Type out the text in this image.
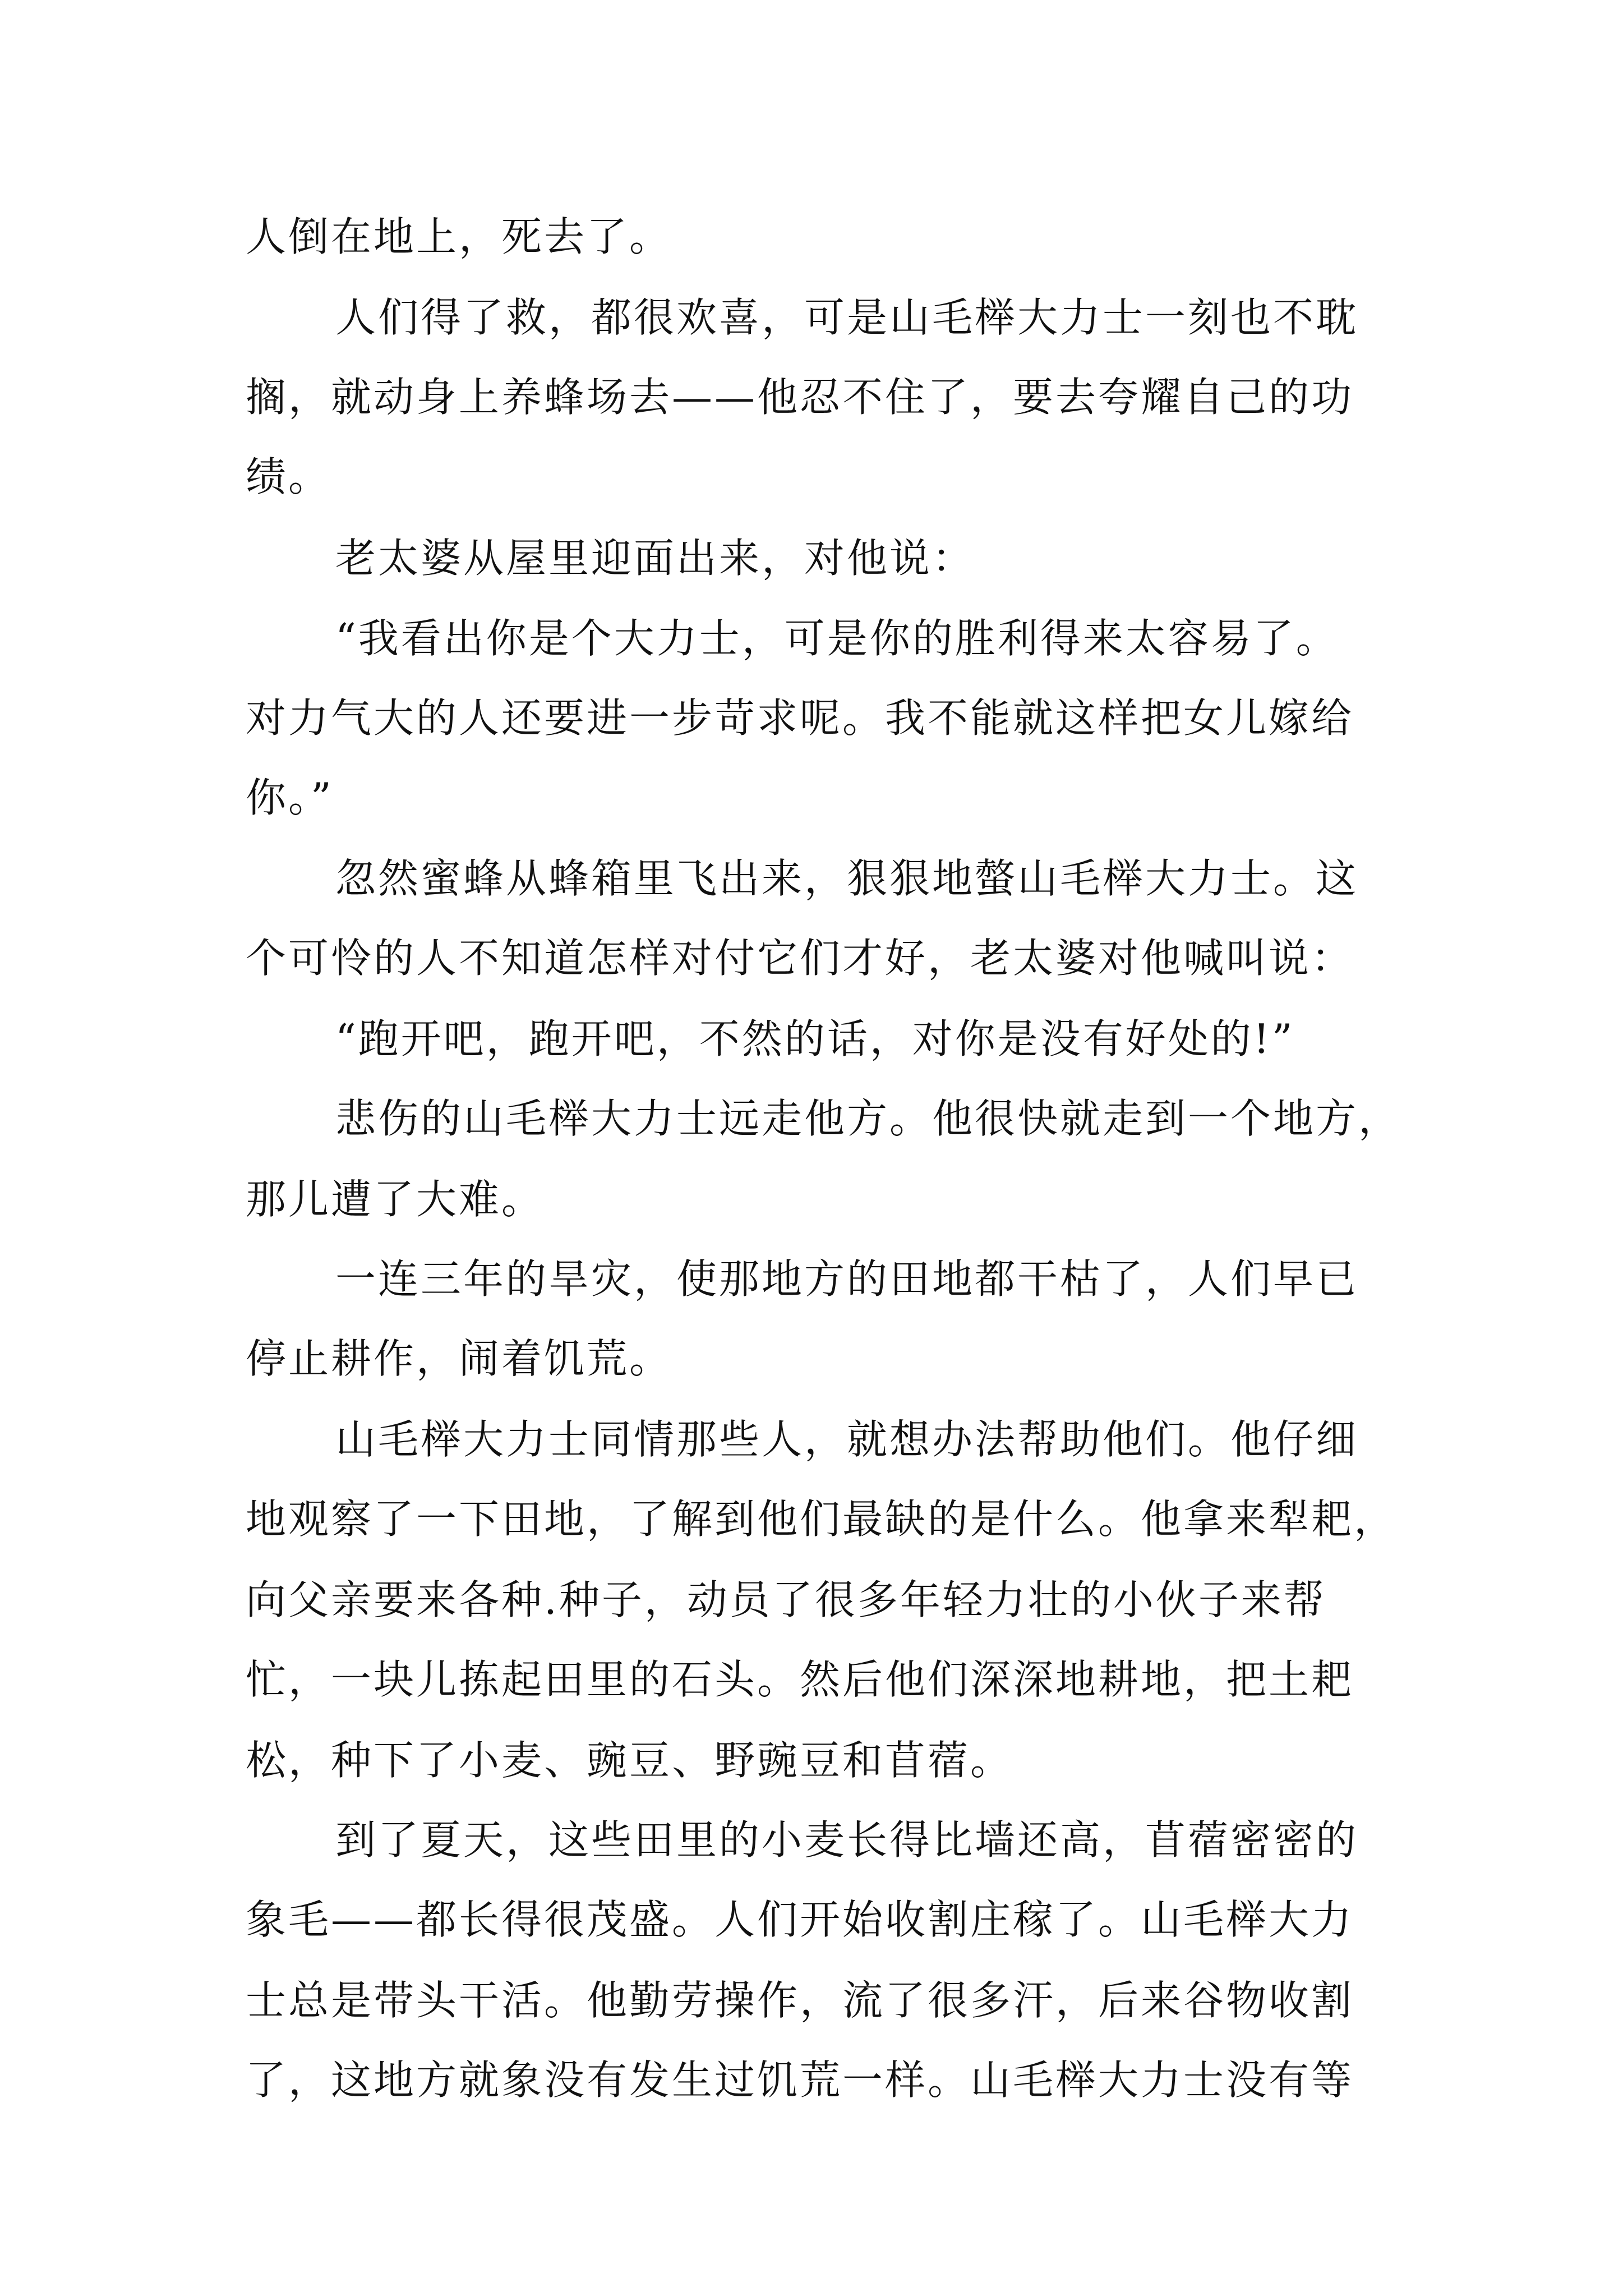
人倒在地上，死去了。
人们得了救，都很欢喜，可是山毛榉大力士一刻也不耽
搁，就动身上养蜂场去——他忍不住了，要去夸耀自己的功
绩。
老太婆从屋里迎面出来，对他说：
“我看出你是个大力士，可是你的胜利得来太容易了。
对力气大的人还要进一步苛求呢。我不能就这样把女儿嫁给
你。”
忽然蜜蜂从蜂箱里飞出来，狠狠地螫山毛榉大力士。这
个可怜的人不知道怎样对付它们才好，老太婆对他喊叫说：
“跑开吧，跑开吧，不然的话，对你是没有好处的!”
悲伤的山毛榉大力士远走他方。他很快就走到一个地方，
那儿遭了大难。
一连三年的旱灾，使那地方的田地都干枯了，人们早已
停止耕作，闹着饥荒。
山毛榉大力士同情那些人，就想办法帮助他们。他仔细
地观察了一下田地，了解到他们最缺的是什么。他拿来犁耙，
向父亲要来各种.种子，动员了很多年轻力壮的小伙子来帮
忙，一块儿拣起田里的石头。然后他们深深地耕地，把土耙
松，种下了小麦、豌豆、野豌豆和苜蓿。
到了夏天，这些田里的小麦长得比墙还高，苜蓿密密的
象毛——都长得很茂盛。人们开始收割庄稼了。山毛榉大力
士总是带头干活。他勤劳操作，流了很多汗，后来谷物收割
了，这地方就象没有发生过饥荒一样。山毛榉大力士没有等
